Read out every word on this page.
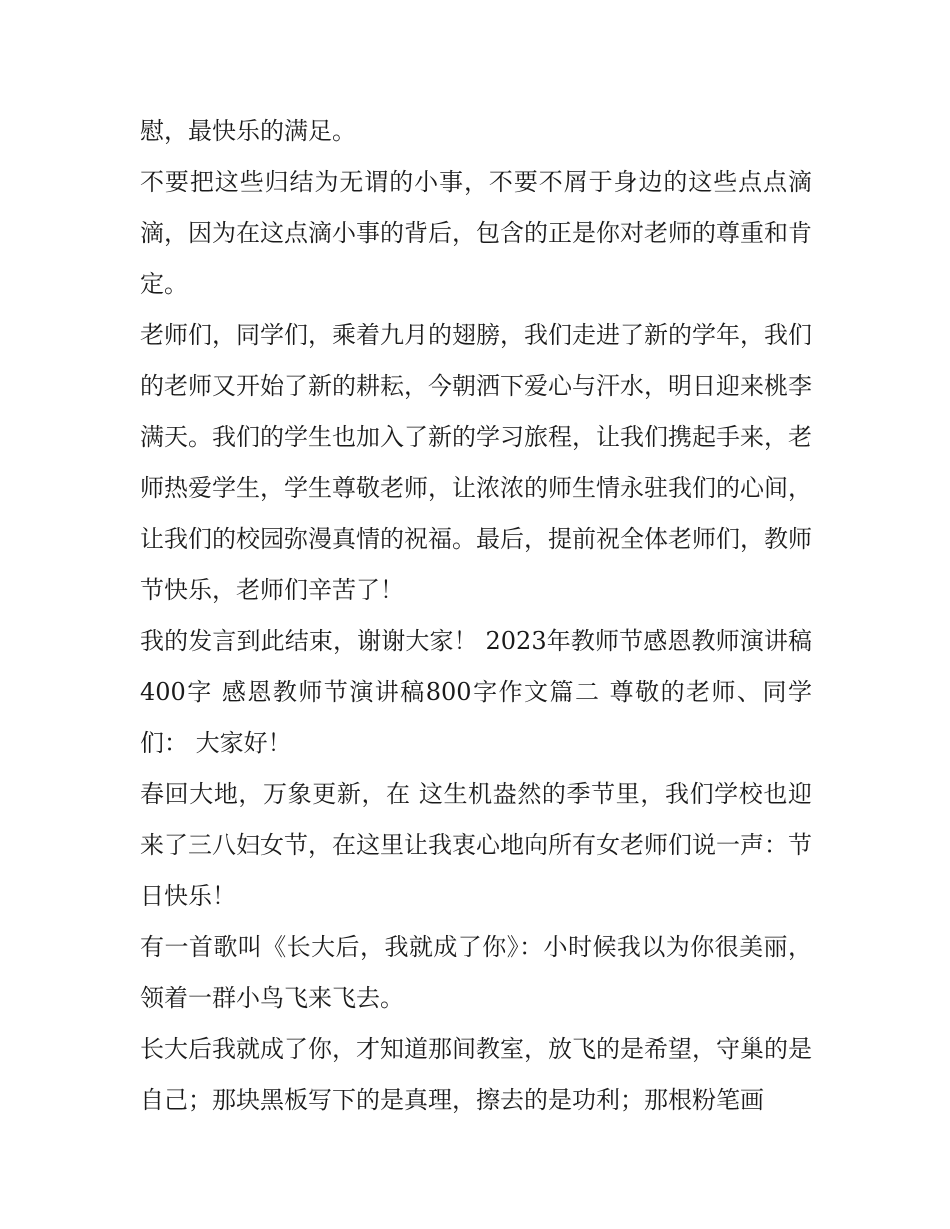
慰，最快乐的满足。

不要把这些归结为无谓的小事，不要不屑于身边的这些点点滴滴，因为在这点滴小事的背后，包含的正是你对老师的尊重和肯定。

老师们，同学们，乘着九月的翅膀，我们走进了新的学年，我们的老师又开始了新的耕耘，今朝洒下爱心与汗水，明日迎来桃李满天。我们的学生也加入了新的学习旅程，让我们携起手来，老师热爱学生，学生尊敬老师，让浓浓的师生情永驻我们的心间，让我们的校园弥漫真情的祝福。最后，提前祝全体老师们，教师节快乐，老师们辛苦了！

我的发言到此结束，谢谢大家！ 2023年教师节感恩教师演讲稿400字 感恩教师节演讲稿800字作文篇二 尊敬的老师、同学们： 大家好！

春回大地，万象更新，在 这生机盎然的季节里，我们学校也迎来了三八妇女节，在这里让我衷心地向所有女老师们说一声：节日快乐！

有一首歌叫《长大后，我就成了你》：小时候我以为你很美丽，领着一群小鸟飞来飞去。

长大后我就成了你，才知道那间教室，放飞的是希望，守巢的是自己；那块黑板写下的是真理，擦去的是功利；那根粉笔画
